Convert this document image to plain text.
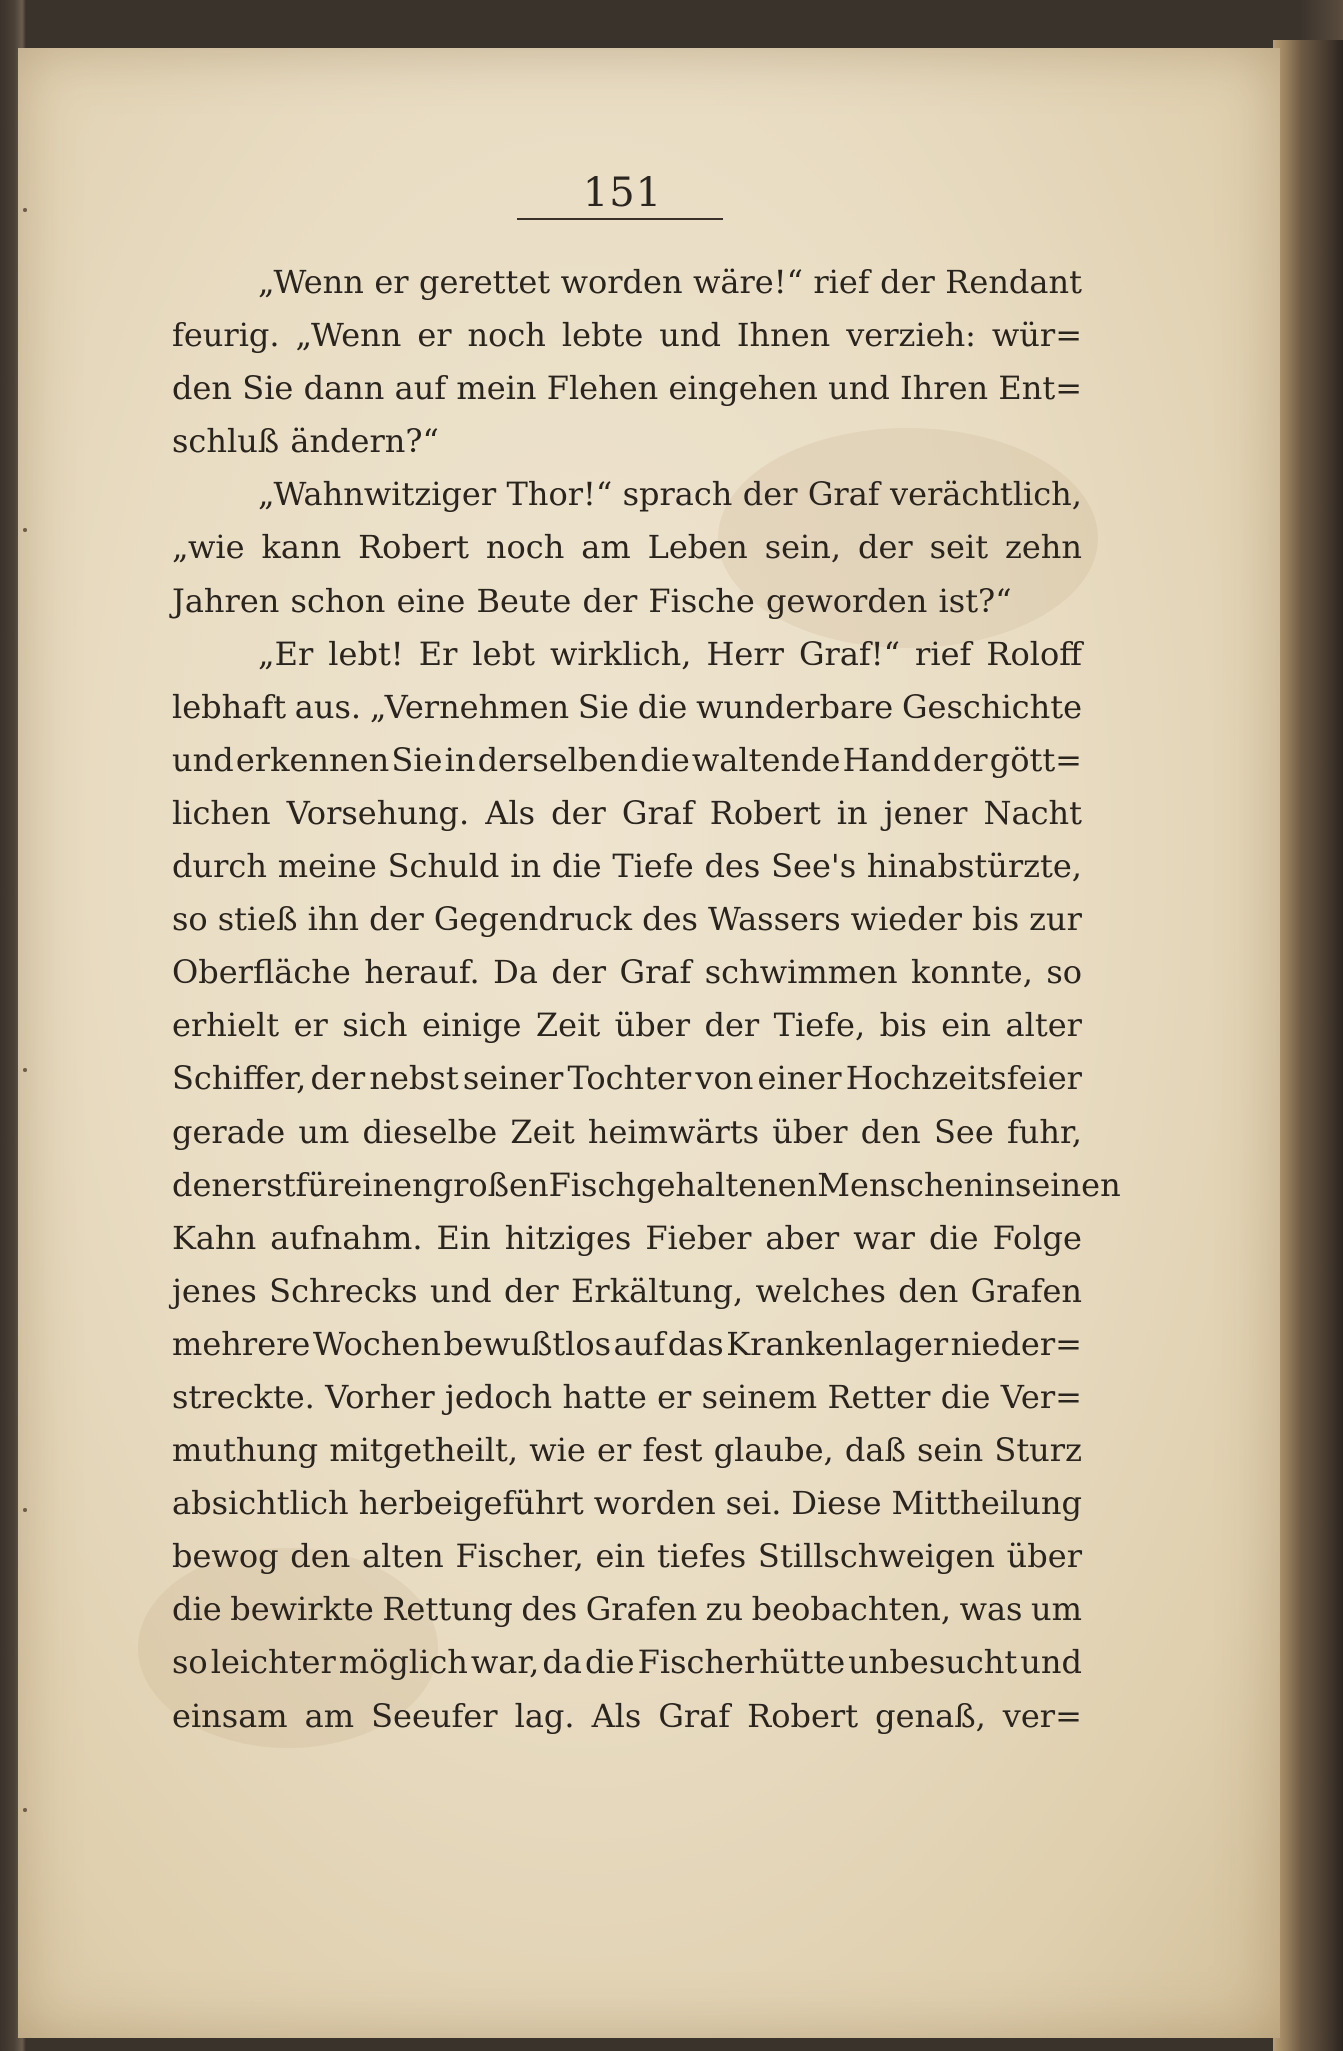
151
„Wenn er gerettet worden wäre!“ rief der Rendant
feurig. „Wenn er noch lebte und Ihnen verzieh: wür=
den Sie dann auf mein Flehen eingehen und Ihren Ent=
schluß ändern?“
„Wahnwitziger Thor!“ sprach der Graf verächtlich,
„wie kann Robert noch am Leben sein, der seit zehn
Jahren schon eine Beute der Fische geworden ist?“
„Er lebt! Er lebt wirklich, Herr Graf!“ rief Roloff
lebhaft aus. „Vernehmen Sie die wunderbare Geschichte
und erkennen Sie in derselben die waltende Hand der gött=
lichen Vorsehung. Als der Graf Robert in jener Nacht
durch meine Schuld in die Tiefe des See's hinabstürzte,
so stieß ihn der Gegendruck des Wassers wieder bis zur
Oberfläche herauf. Da der Graf schwimmen konnte, so
erhielt er sich einige Zeit über der Tiefe, bis ein alter
Schiffer, der nebst seiner Tochter von einer Hochzeitsfeier
gerade um dieselbe Zeit heimwärts über den See fuhr,
den erst für einen großen Fisch gehaltenen Menschen in seinen
Kahn aufnahm. Ein hitziges Fieber aber war die Folge
jenes Schrecks und der Erkältung, welches den Grafen
mehrere Wochen bewußtlos auf das Krankenlager nieder=
streckte. Vorher jedoch hatte er seinem Retter die Ver=
muthung mitgetheilt, wie er fest glaube, daß sein Sturz
absichtlich herbeigeführt worden sei. Diese Mittheilung
bewog den alten Fischer, ein tiefes Stillschweigen über
die bewirkte Rettung des Grafen zu beobachten, was um
so leichter möglich war, da die Fischerhütte unbesucht und
einsam am Seeufer lag. Als Graf Robert genaß, ver=
